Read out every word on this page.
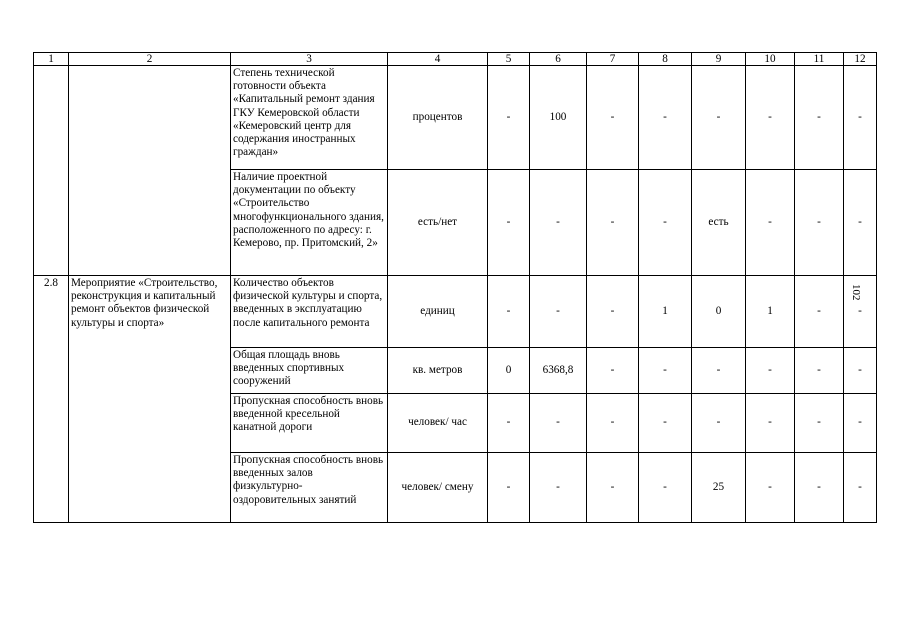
1	2	3	4	5	6	7	8	9	10	11	12
		Степень технической готовности объекта «Капитальный ремонт здания ГКУ Кемеровской области «Кемеровский центр для содержания иностранных граждан»	процентов	-	100	-	-	-	-	-	-
		Наличие проектной документации по объекту «Строительство многофункционального здания, расположенного по адресу: г. Кемерово, пр. Притомский, 2»	есть/нет	-	-	-	-	есть	-	-	-
2.8	Мероприятие «Строительство, реконструкция и капитальный ремонт объектов физической культуры и спорта»	Количество объектов физической культуры и спорта, введенных в эксплуатацию после капитального ремонта	единиц	-	-	-	1	0	1	-	-
		Общая площадь вновь введенных спортивных сооружений	кв. метров	0	6368,8	-	-	-	-	-	-
		Пропускная способность вновь введенной кресельной канатной дороги	человек/ час	-	-	-	-	-	-	-	-
		Пропускная способность вновь введенных залов физкультурно-оздоровительных занятий	человек/ смену	-	-	-	-	25	-	-	-
102
